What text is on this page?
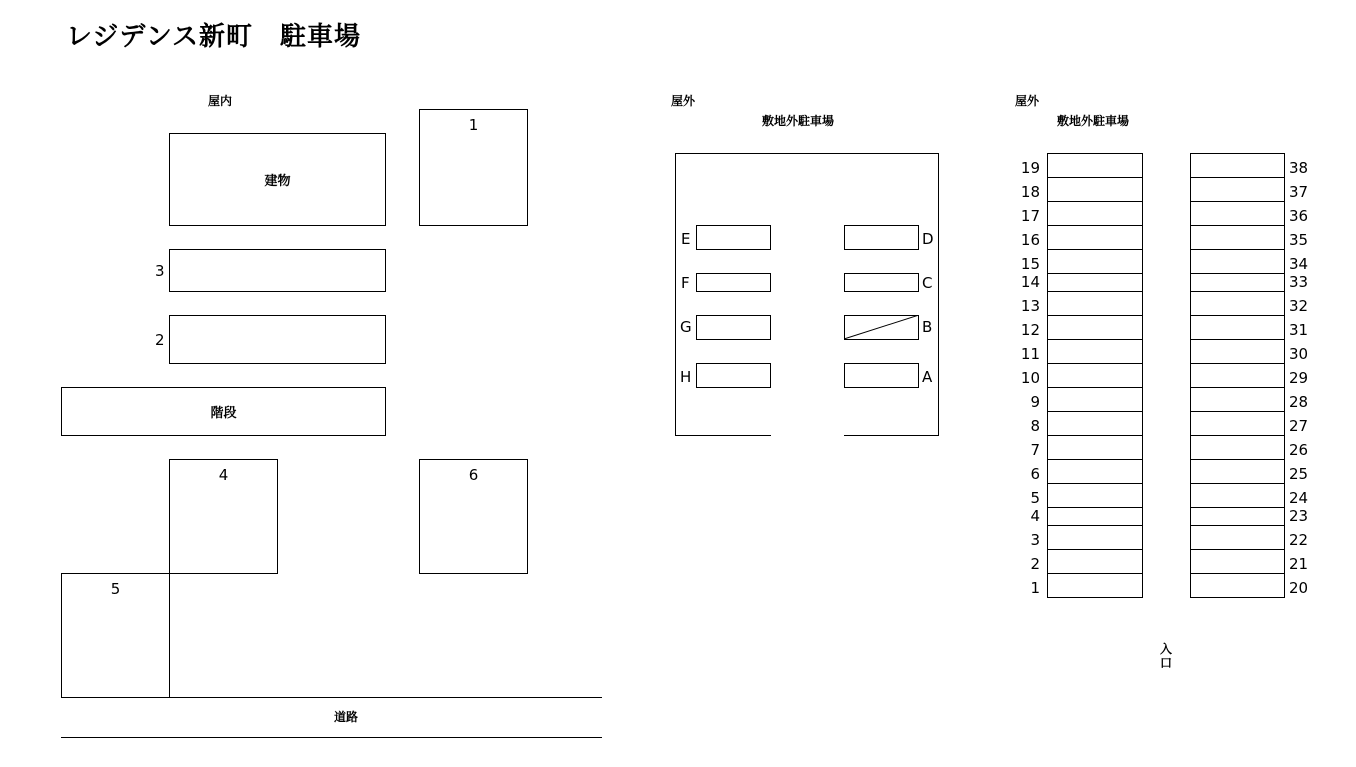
レジデンス新町　駐車場
屋内
建物
1
3
2
階段
4	6
5
道路
屋外
敷地外駐車場
E
F
G
H
D
C
B
A
屋外
敷地外駐車場
19	38
18	37
17	36
16	35
15	34
14	33
13	32
12	31
11	30
10	29
9	28
8	27
7	26
6	25
5	24
4	23
3	22
2	21
1	20
入口
